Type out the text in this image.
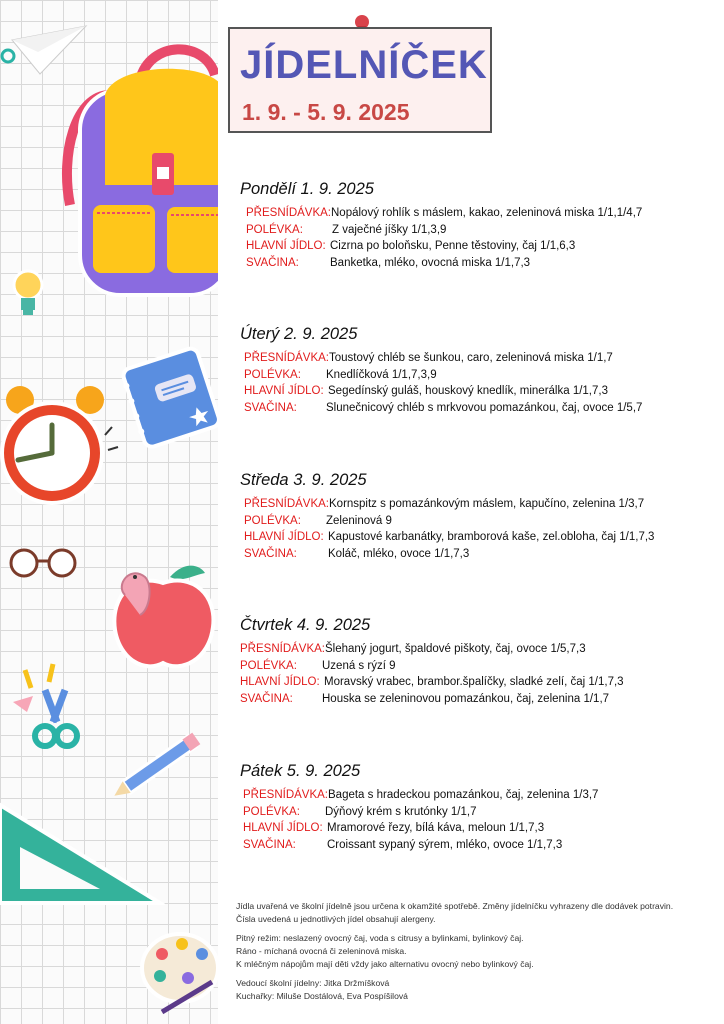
JÍDELNÍČEK
1. 9. - 5. 9. 2025
Pondělí 1. 9. 2025
PŘESNÍDÁVKA: Nopálový rohlík s máslem, kakao, zeleninová miska 1/1,1/4,7
POLÉVKA:	Z vaječné jíšky 1/1,3,9
HLAVNÍ JÍDLO: Cizrna po boloňsku, Penne těstoviny, čaj 1/1,6,3
SVAČINA:	Banketka, mléko, ovocná miska 1/1,7,3
Úterý 2. 9. 2025
PŘESNÍDÁVKA: Toustový chléb se šunkou, caro, zeleninová miska 1/1,7
POLÉVKA:	Knedlíčková 1/1,7,3,9
HLAVNÍ JÍDLO: Segedínský guláš, houskový knedlík, minerálka 1/1,7,3
SVAČINA:	Slunečnicový chléb s mrkvovou pomazánkou, čaj, ovoce 1/5,7
Středa 3. 9. 2025
PŘESNÍDÁVKA: Kornspitz s pomazánkovým máslem, kapučíno, zelenina 1/3,7
POLÉVKA:	Zeleninová 9
HLAVNÍ JÍDLO: Kapustové karbanátky, bramborová kaše, zel.obloha, čaj 1/1,7,3
SVAČINA:	Koláč, mléko, ovoce 1/1,7,3
Čtvrtek 4. 9. 2025
PŘESNÍDÁVKA: Šlehaný jogurt, špaldové piškoty, čaj, ovoce 1/5,7,3
POLÉVKA:	Uzená s rýzí 9
HLAVNÍ JÍDLO: Moravský vrabec, brambor.špalíčky, sladké zelí, čaj 1/1,7,3
SVAČINA:	Houska se zeleninovou pomazánkou, čaj, zelenina 1/1,7
Pátek 5. 9. 2025
PŘESNÍDÁVKA: Bageta s hradeckou pomazánkou, čaj, zelenina 1/3,7
POLÉVKA:	Dýňový krém s krutónky 1/1,7
HLAVNÍ JÍDLO: Mramorové řezy, bílá káva, meloun 1/1,7,3
SVAČINA:	Croissant sypaný sýrem, mléko, ovoce 1/1,7,3

Jídla uvařená ve školní jídelně jsou určena k okamžité spotřebě. Změny jídelníčku vyhrazeny dle dodávek potravin.
Čísla uvedená u jednotlivých jídel obsahují alergeny.

Pitný režim: neslazený ovocný čaj, voda s citrusy a bylinkami, bylinkový čaj.
Ráno - míchaná ovocná či zeleninová miska.
K mléčným nápojům mají děti vždy jako alternativu ovocný nebo bylinkový čaj.

Vedoucí školní jídelny: Jitka Držmíšková
Kuchařky: Miluše Dostálová, Eva Pospíšilová
